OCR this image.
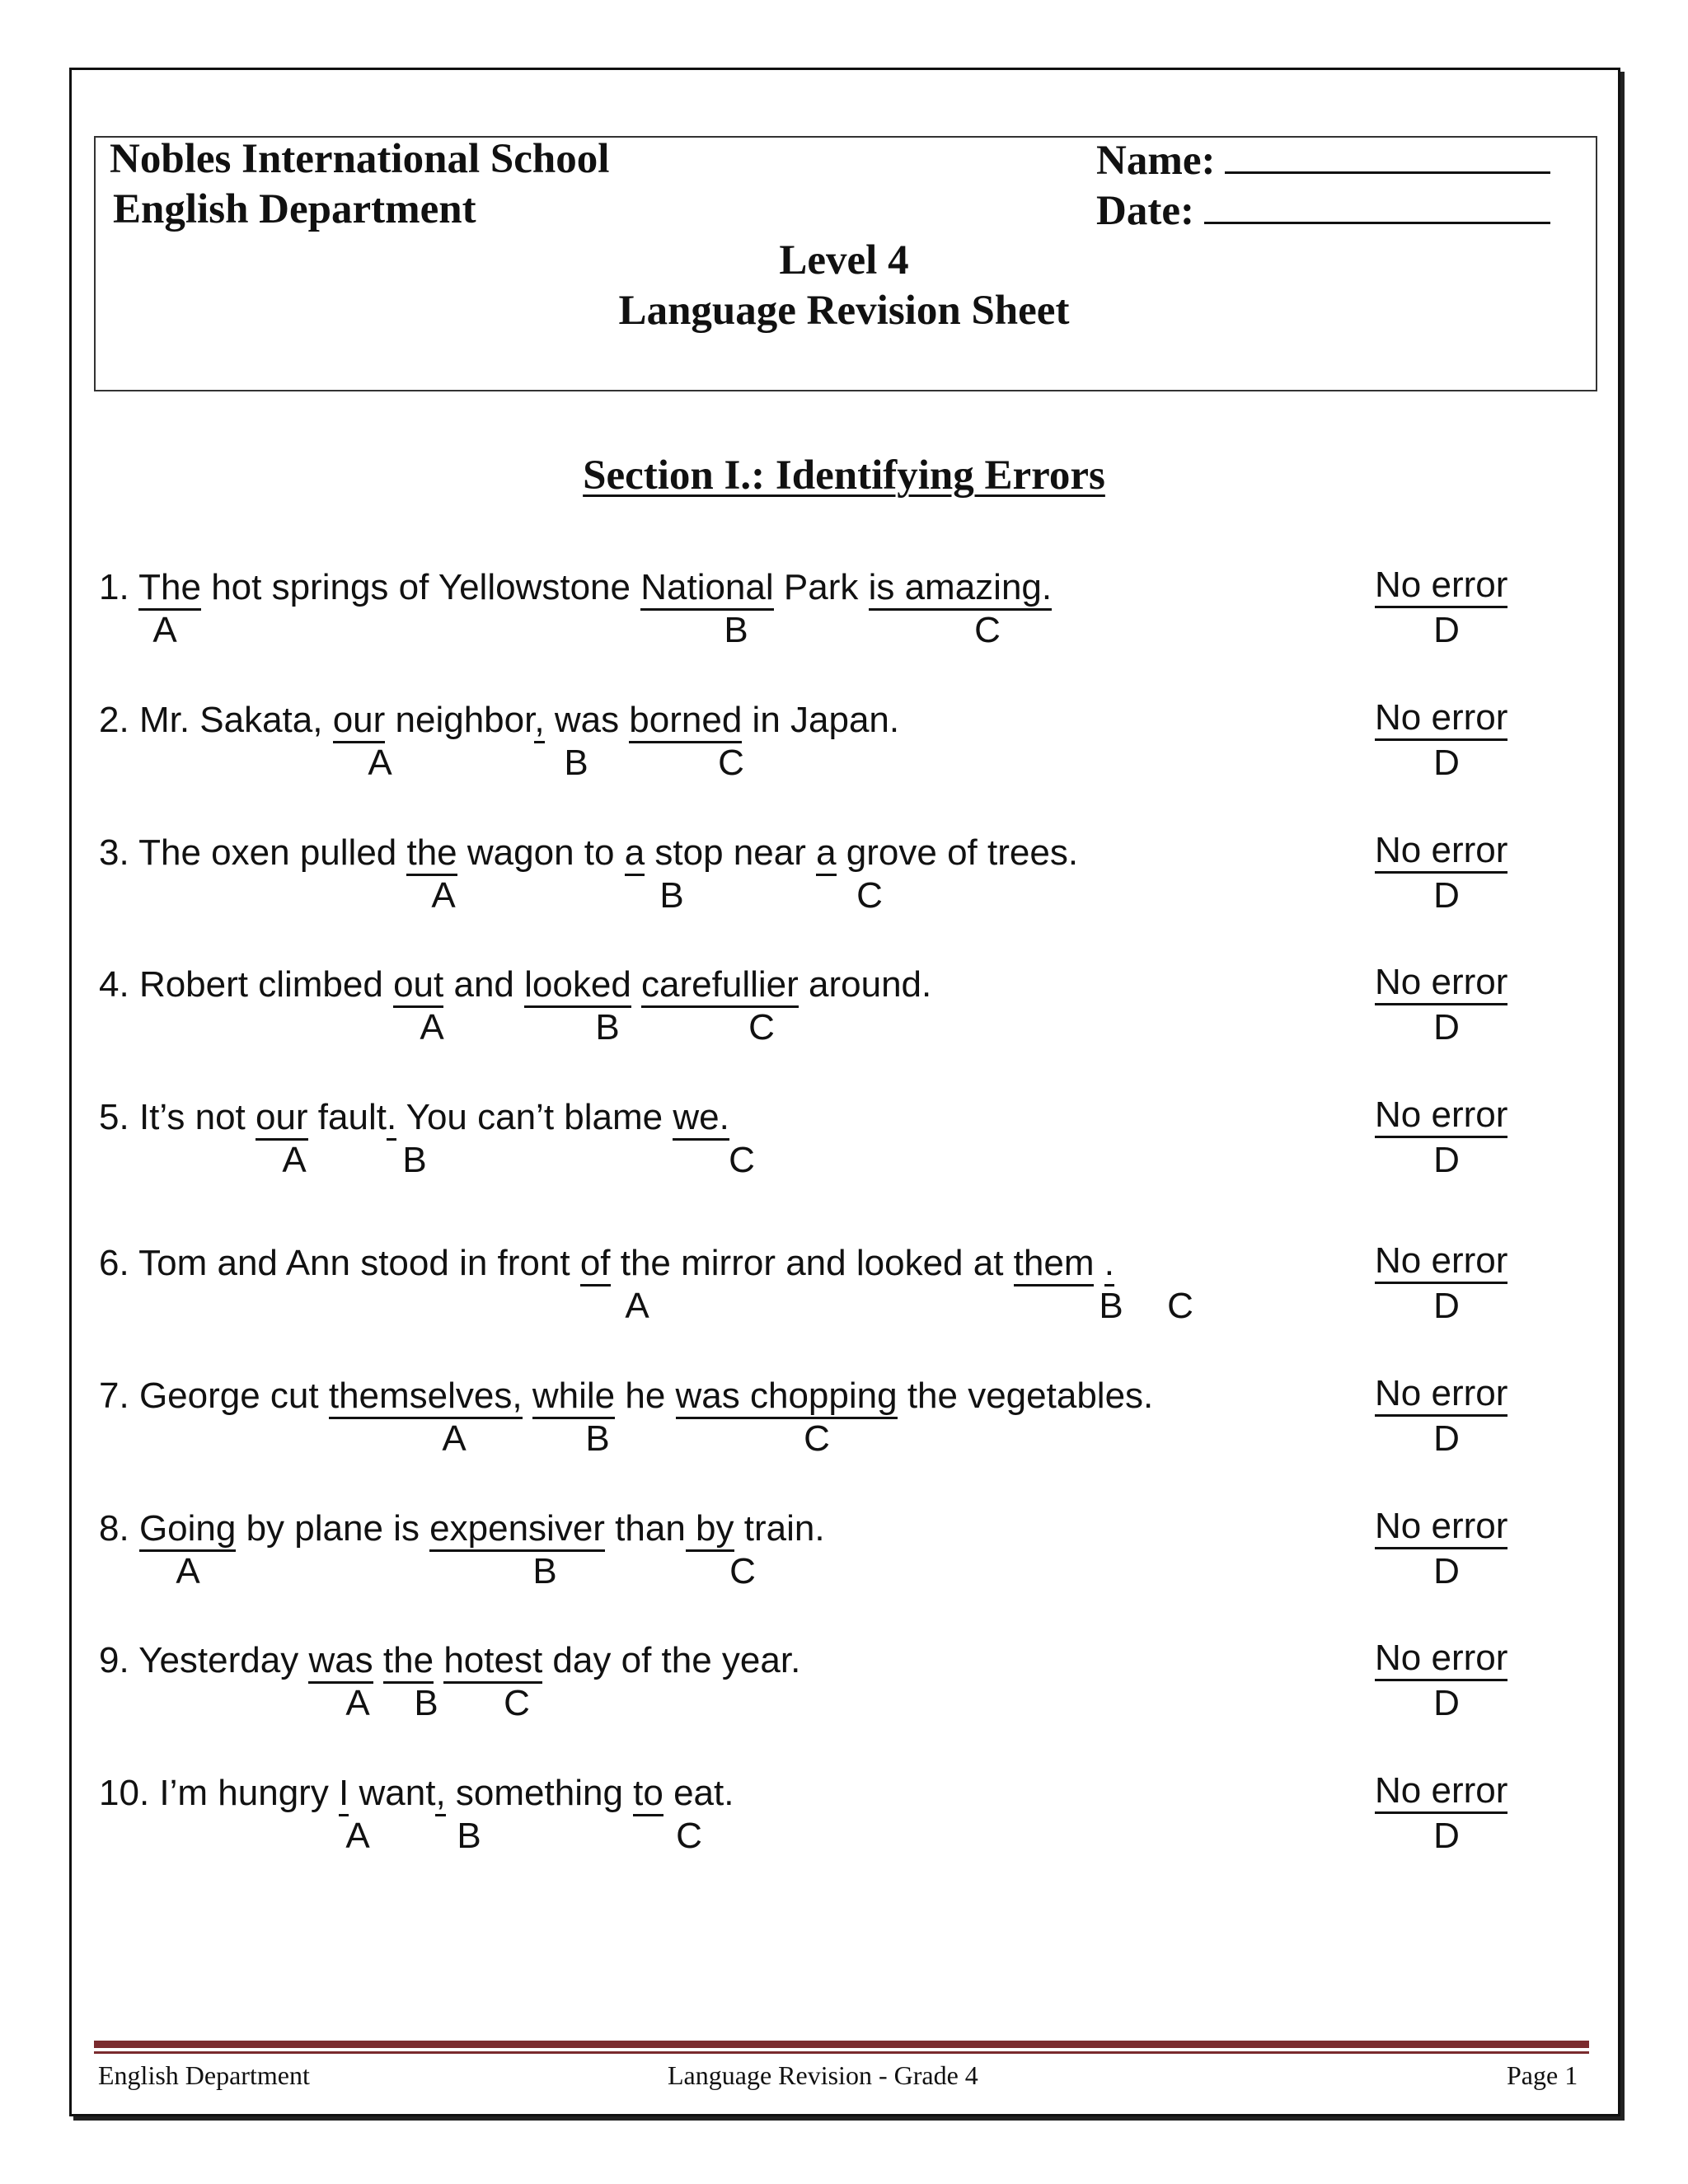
Nobles International School
English Department
Name:
Date:
Level 4
Language Revision Sheet
Section I.: Identifying Errors
1. The hot springs of Yellowstone National Park is amazing.
A	B	C
No error
D
2. Mr. Sakata, our neighbor, was borned in Japan.
A	B	C
No error
D
3. The oxen pulled the wagon to a stop near a grove of trees.
A	B	C
No error
D
4. Robert climbed out and looked carefullier around.
A	B	C
No error
D
5. It’s not our fault. You can’t blame we.
A	B	C
No error
D
6. Tom and Ann stood in front of the mirror and looked at them .
A	B C
No error
D
7. George cut themselves, while he was chopping the vegetables.
A	B	C
No error
D
8. Going by plane is expensiver than by train.
A	B	C
No error
D
9. Yesterday was the hotest day of the year.
A B C
No error
D
10. I’m hungry I want, something to eat.
A B	C
No error
D
English Department	Language Revision - Grade 4	Page 1
